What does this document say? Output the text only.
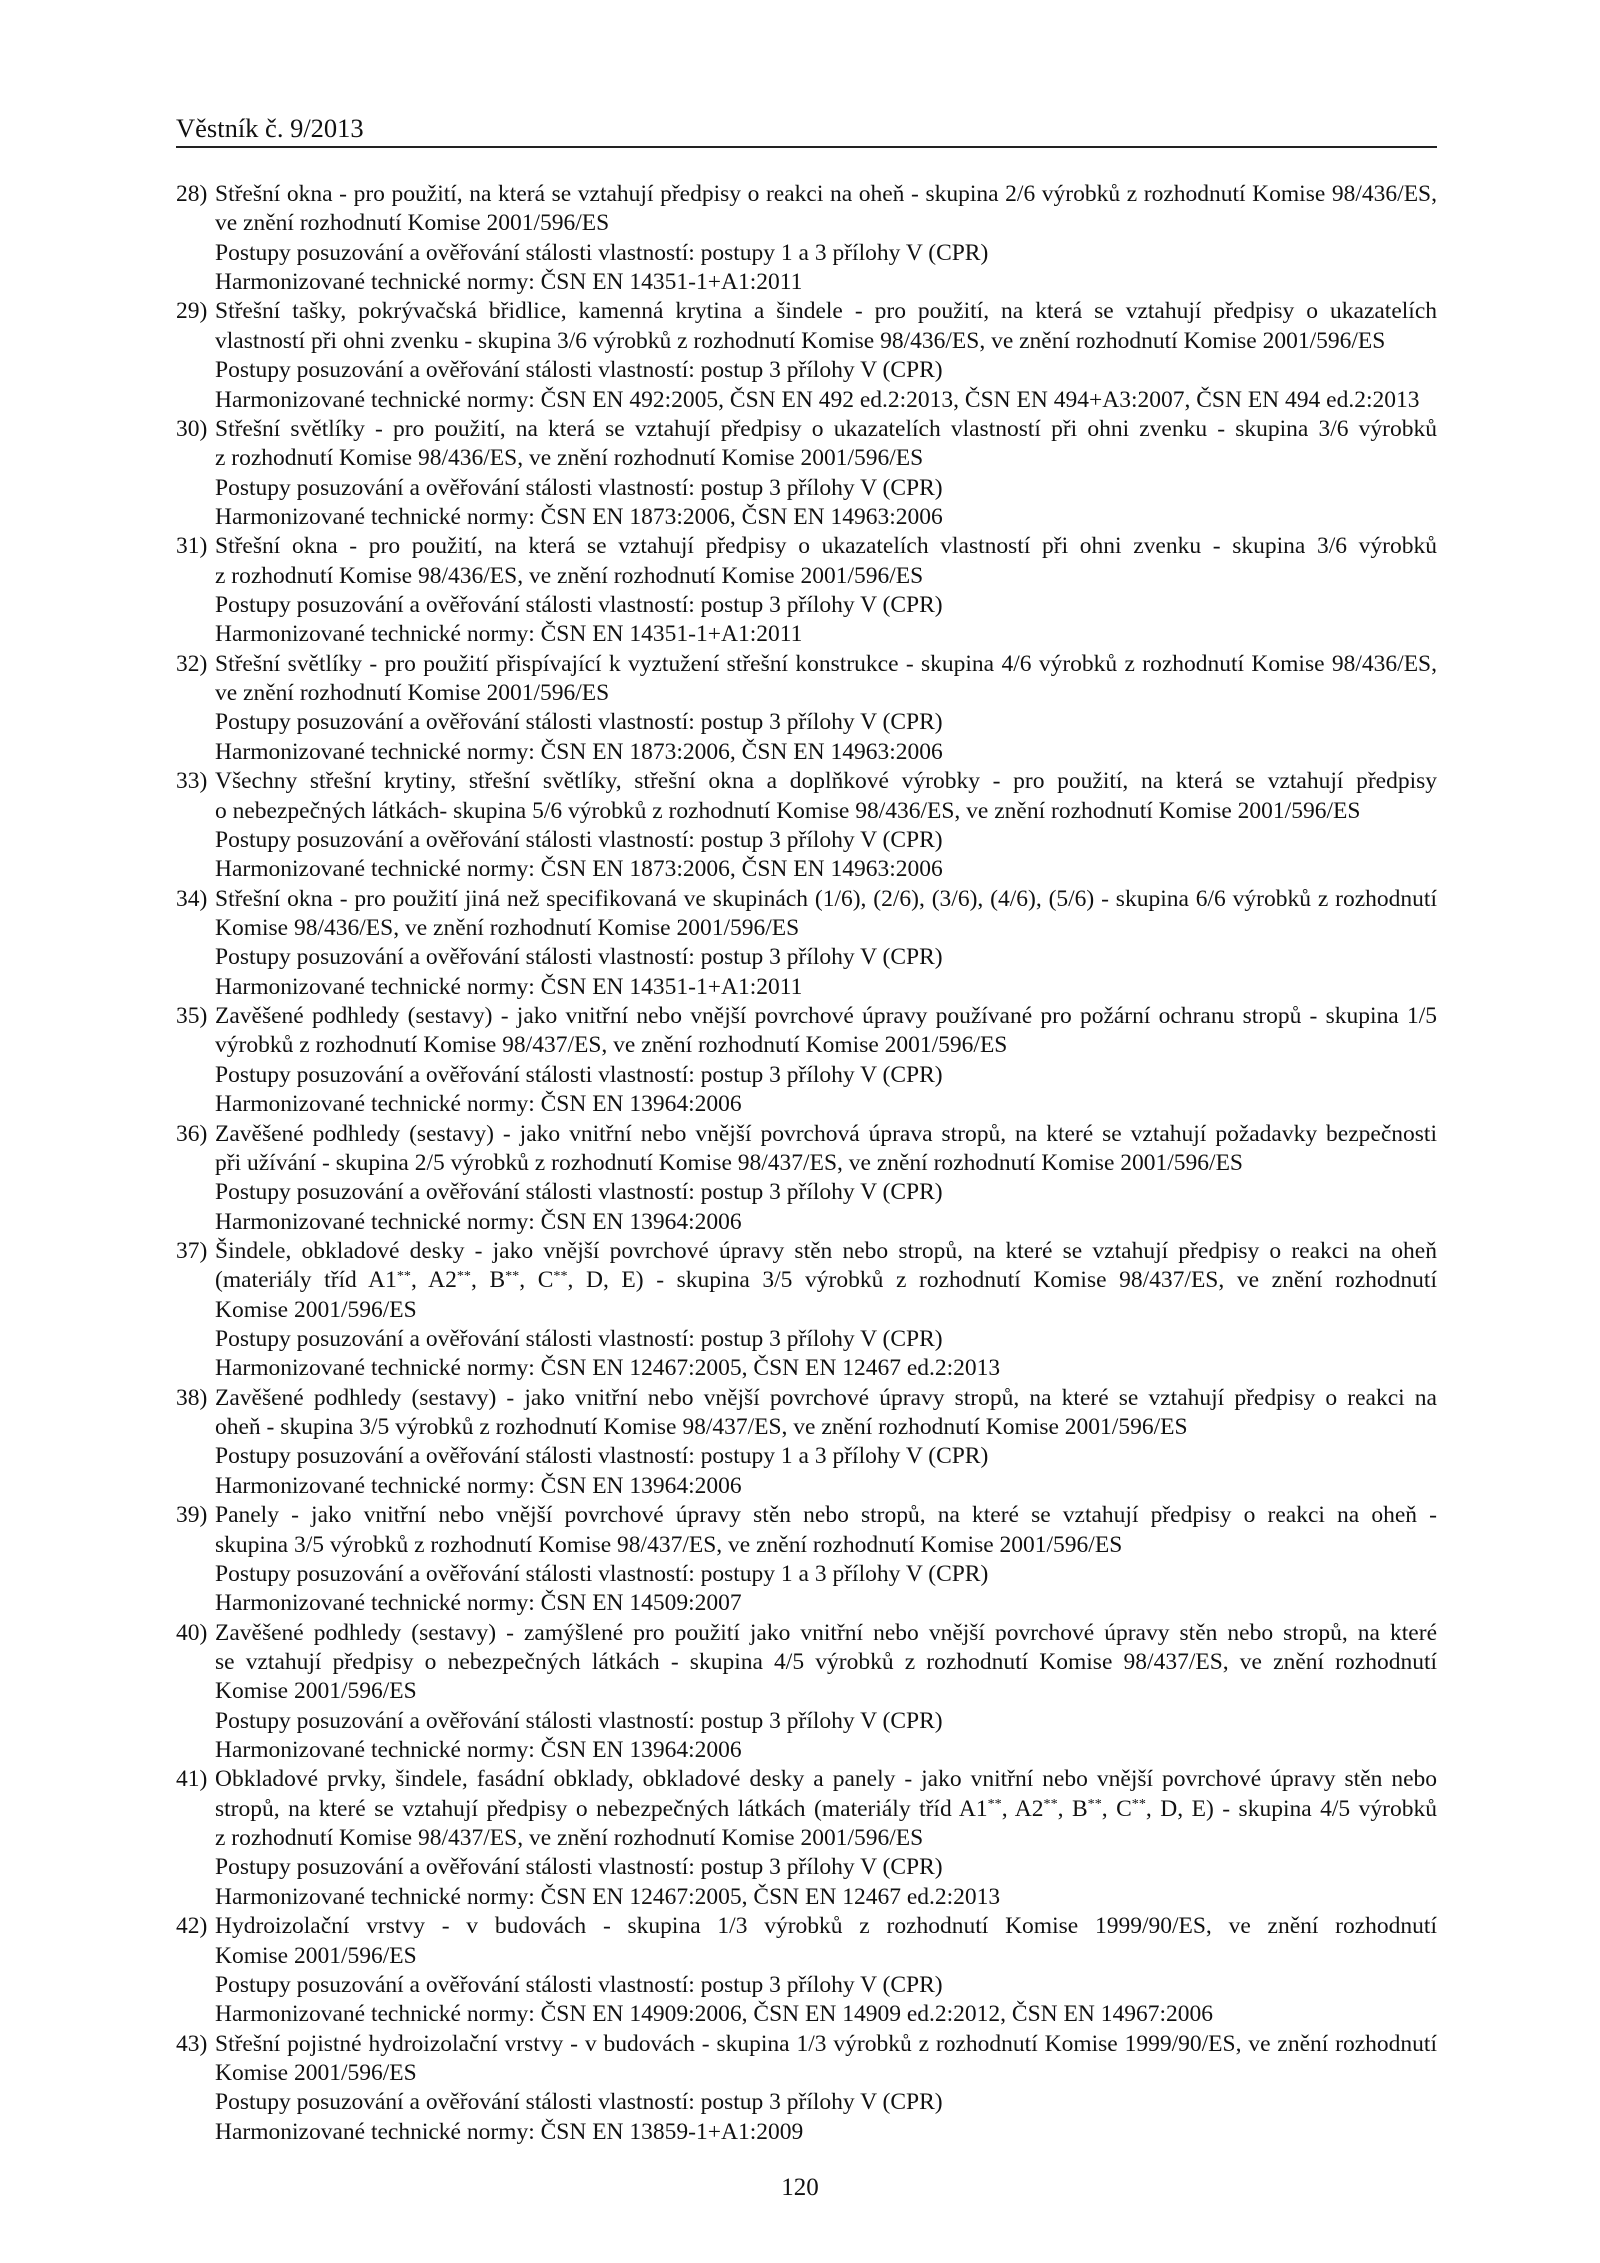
Věstník č. 9/2013
28) Střešní okna - pro použití, na která se vztahují předpisy o reakci na oheň - skupina 2/6 výrobků z rozhodnutí Komise 98/436/ES,
ve znění rozhodnutí Komise 2001/596/ES
Postupy posuzování a ověřování stálosti vlastností: postupy 1 a 3 přílohy V (CPR)
Harmonizované technické normy: ČSN EN 14351-1+A1:2011
29) Střešní tašky, pokrývačská břidlice, kamenná krytina a šindele - pro použití, na která se vztahují předpisy o ukazatelích
vlastností při ohni zvenku - skupina 3/6 výrobků z rozhodnutí Komise 98/436/ES, ve znění rozhodnutí Komise 2001/596/ES
Postupy posuzování a ověřování stálosti vlastností: postup 3 přílohy V (CPR)
Harmonizované technické normy: ČSN EN 492:2005, ČSN EN 492 ed.2:2013, ČSN EN 494+A3:2007, ČSN EN 494 ed.2:2013
30) Střešní světlíky - pro použití, na která se vztahují předpisy o ukazatelích vlastností při ohni zvenku - skupina 3/6 výrobků
z rozhodnutí Komise 98/436/ES, ve znění rozhodnutí Komise 2001/596/ES
Postupy posuzování a ověřování stálosti vlastností: postup 3 přílohy V (CPR)
Harmonizované technické normy: ČSN EN 1873:2006, ČSN EN 14963:2006
31) Střešní okna - pro použití, na která se vztahují předpisy o ukazatelích vlastností při ohni zvenku - skupina 3/6 výrobků
z rozhodnutí Komise 98/436/ES, ve znění rozhodnutí Komise 2001/596/ES
Postupy posuzování a ověřování stálosti vlastností: postup 3 přílohy V (CPR)
Harmonizované technické normy: ČSN EN 14351-1+A1:2011
32) Střešní světlíky - pro použití přispívající k vyztužení střešní konstrukce - skupina 4/6 výrobků z rozhodnutí Komise 98/436/ES,
ve znění rozhodnutí Komise 2001/596/ES
Postupy posuzování a ověřování stálosti vlastností: postup 3 přílohy V (CPR)
Harmonizované technické normy: ČSN EN 1873:2006, ČSN EN 14963:2006
33) Všechny střešní krytiny, střešní světlíky, střešní okna a doplňkové výrobky - pro použití, na která se vztahují předpisy
o nebezpečných látkách- skupina 5/6 výrobků z rozhodnutí Komise 98/436/ES, ve znění rozhodnutí Komise 2001/596/ES
Postupy posuzování a ověřování stálosti vlastností: postup 3 přílohy V (CPR)
Harmonizované technické normy: ČSN EN 1873:2006, ČSN EN 14963:2006
34) Střešní okna - pro použití jiná než specifikovaná ve skupinách (1/6), (2/6), (3/6), (4/6), (5/6) - skupina 6/6 výrobků z rozhodnutí
Komise 98/436/ES, ve znění rozhodnutí Komise 2001/596/ES
Postupy posuzování a ověřování stálosti vlastností: postup 3 přílohy V (CPR)
Harmonizované technické normy: ČSN EN 14351-1+A1:2011
35) Zavěšené podhledy (sestavy) - jako vnitřní nebo vnější povrchové úpravy používané pro požární ochranu stropů - skupina 1/5
výrobků z rozhodnutí Komise 98/437/ES, ve znění rozhodnutí Komise 2001/596/ES
Postupy posuzování a ověřování stálosti vlastností: postup 3 přílohy V (CPR)
Harmonizované technické normy: ČSN EN 13964:2006
36) Zavěšené podhledy (sestavy) - jako vnitřní nebo vnější povrchová úprava stropů, na které se vztahují požadavky bezpečnosti
při užívání - skupina 2/5 výrobků z rozhodnutí Komise 98/437/ES, ve znění rozhodnutí Komise 2001/596/ES
Postupy posuzování a ověřování stálosti vlastností: postup 3 přílohy V (CPR)
Harmonizované technické normy: ČSN EN 13964:2006
37) Šindele, obkladové desky - jako vnější povrchové úpravy stěn nebo stropů, na které se vztahují předpisy o reakci na oheň
(materiály tříd A1**, A2**, B**, C**, D, E) - skupina 3/5 výrobků z rozhodnutí Komise 98/437/ES, ve znění rozhodnutí
Komise 2001/596/ES
Postupy posuzování a ověřování stálosti vlastností: postup 3 přílohy V (CPR)
Harmonizované technické normy: ČSN EN 12467:2005, ČSN EN 12467 ed.2:2013
38) Zavěšené podhledy (sestavy) - jako vnitřní nebo vnější povrchové úpravy stropů, na které se vztahují předpisy o reakci na
oheň - skupina 3/5 výrobků z rozhodnutí Komise 98/437/ES, ve znění rozhodnutí Komise 2001/596/ES
Postupy posuzování a ověřování stálosti vlastností: postupy 1 a 3 přílohy V (CPR)
Harmonizované technické normy: ČSN EN 13964:2006
39) Panely - jako vnitřní nebo vnější povrchové úpravy stěn nebo stropů, na které se vztahují předpisy o reakci na oheň -
skupina 3/5 výrobků z rozhodnutí Komise 98/437/ES, ve znění rozhodnutí Komise 2001/596/ES
Postupy posuzování a ověřování stálosti vlastností: postupy 1 a 3 přílohy V (CPR)
Harmonizované technické normy: ČSN EN 14509:2007
40) Zavěšené podhledy (sestavy) - zamýšlené pro použití jako vnitřní nebo vnější povrchové úpravy stěn nebo stropů, na které
se vztahují předpisy o nebezpečných látkách - skupina 4/5 výrobků z rozhodnutí Komise 98/437/ES, ve znění rozhodnutí
Komise 2001/596/ES
Postupy posuzování a ověřování stálosti vlastností: postup 3 přílohy V (CPR)
Harmonizované technické normy: ČSN EN 13964:2006
41) Obkladové prvky, šindele, fasádní obklady, obkladové desky a panely - jako vnitřní nebo vnější povrchové úpravy stěn nebo
stropů, na které se vztahují předpisy o nebezpečných látkách (materiály tříd A1**, A2**, B**, C**, D, E) - skupina 4/5 výrobků
z rozhodnutí Komise 98/437/ES, ve znění rozhodnutí Komise 2001/596/ES
Postupy posuzování a ověřování stálosti vlastností: postup 3 přílohy V (CPR)
Harmonizované technické normy: ČSN EN 12467:2005, ČSN EN 12467 ed.2:2013
42) Hydroizolační vrstvy - v budovách - skupina 1/3 výrobků z rozhodnutí Komise 1999/90/ES, ve znění rozhodnutí
Komise 2001/596/ES
Postupy posuzování a ověřování stálosti vlastností: postup 3 přílohy V (CPR)
Harmonizované technické normy: ČSN EN 14909:2006, ČSN EN 14909 ed.2:2012, ČSN EN 14967:2006
43) Střešní pojistné hydroizolační vrstvy - v budovách - skupina 1/3 výrobků z rozhodnutí Komise 1999/90/ES, ve znění rozhodnutí
Komise 2001/596/ES
Postupy posuzování a ověřování stálosti vlastností: postup 3 přílohy V (CPR)
Harmonizované technické normy: ČSN EN 13859-1+A1:2009
120
